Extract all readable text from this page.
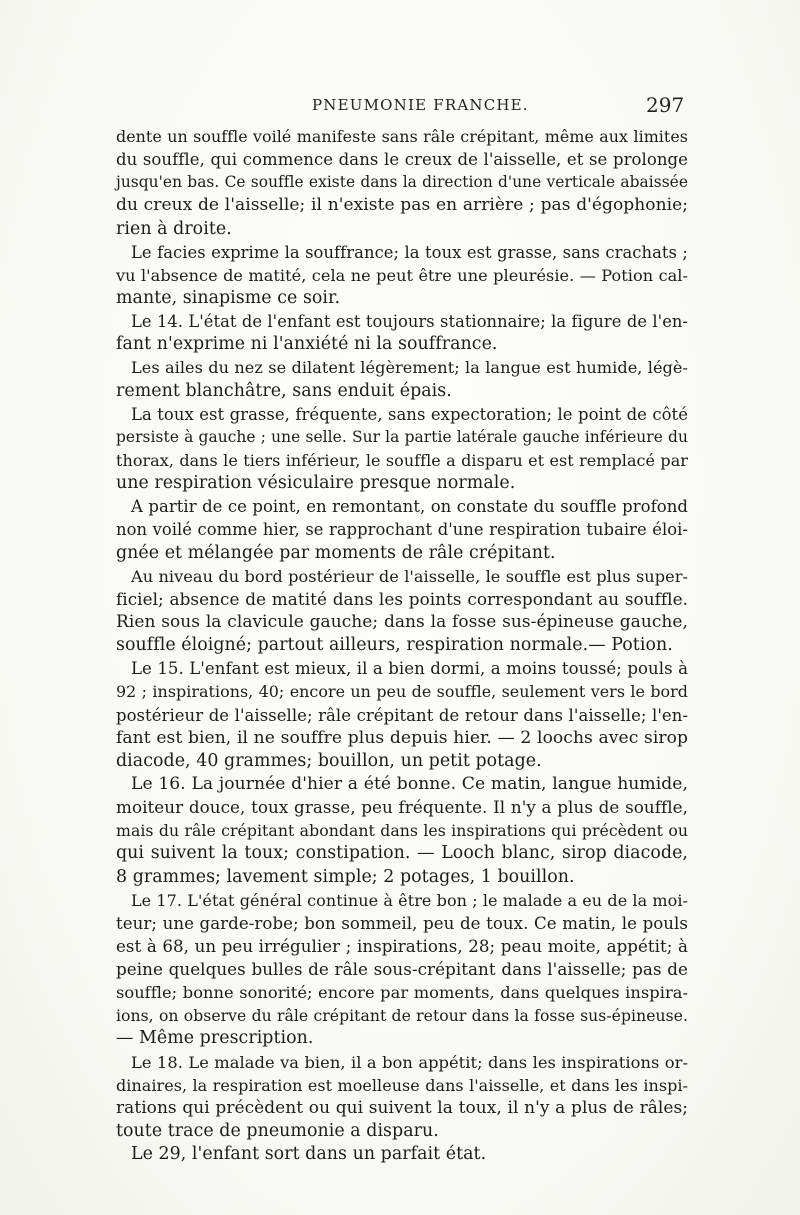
PNEUMONIE FRANCHE.	297
dente un souffle voilé manifeste sans râle crépitant, même aux limites
du souffle, qui commence dans le creux de l'aisselle, et se prolonge
jusqu'en bas. Ce souffle existe dans la direction d'une verticale abaissée
du creux de l'aisselle; il n'existe pas en arrière ; pas d'égophonie;
rien à droite.
Le facies exprime la souffrance; la toux est grasse, sans crachats ;
vu l'absence de matité, cela ne peut être une pleurésie. — Potion cal-
mante, sinapisme ce soir.
Le 14. L'état de l'enfant est toujours stationnaire; la figure de l'en-
fant n'exprime ni l'anxiété ni la souffrance.
Les ailes du nez se dilatent légèrement; la langue est humide, légè-
rement blanchâtre, sans enduit épais.
La toux est grasse, fréquente, sans expectoration; le point de côté
persiste à gauche ; une selle. Sur la partie latérale gauche inférieure du
thorax, dans le tiers inférieur, le souffle a disparu et est remplacé par
une respiration vésiculaire presque normale.
A partir de ce point, en remontant, on constate du souffle profond
non voilé comme hier, se rapprochant d'une respiration tubaire éloi-
gnée et mélangée par moments de râle crépitant.
Au niveau du bord postérieur de l'aisselle, le souffle est plus super-
ficiel; absence de matité dans les points correspondant au souffle.
Rien sous la clavicule gauche; dans la fosse sus-épineuse gauche,
souffle éloigné; partout ailleurs, respiration normale.— Potion.
Le 15. L'enfant est mieux, il a bien dormi, a moins toussé; pouls à
92 ; inspirations, 40; encore un peu de souffle, seulement vers le bord
postérieur de l'aisselle; râle crépitant de retour dans l'aisselle; l'en-
fant est bien, il ne souffre plus depuis hier. — 2 loochs avec sirop
diacode, 40 grammes; bouillon, un petit potage.
Le 16. La journée d'hier a été bonne. Ce matin, langue humide,
moiteur douce, toux grasse, peu fréquente. Il n'y a plus de souffle,
mais du râle crépitant abondant dans les inspirations qui précèdent ou
qui suivent la toux; constipation. — Looch blanc, sirop diacode,
8 grammes; lavement simple; 2 potages, 1 bouillon.
Le 17. L'état général continue à être bon ; le malade a eu de la moi-
teur; une garde-robe; bon sommeil, peu de toux. Ce matin, le pouls
est à 68, un peu irrégulier ; inspirations, 28; peau moite, appétit; à
peine quelques bulles de râle sous-crépitant dans l'aisselle; pas de
souffle; bonne sonorité; encore par moments, dans quelques inspira-
ions, on observe du râle crépitant de retour dans la fosse sus-épineuse.
— Même prescription.
Le 18. Le malade va bien, il a bon appétit; dans les inspirations or-
dinaires, la respiration est moelleuse dans l'aisselle, et dans les inspi-
rations qui précèdent ou qui suivent la toux, il n'y a plus de râles;
toute trace de pneumonie a disparu.
Le 29, l'enfant sort dans un parfait état.
